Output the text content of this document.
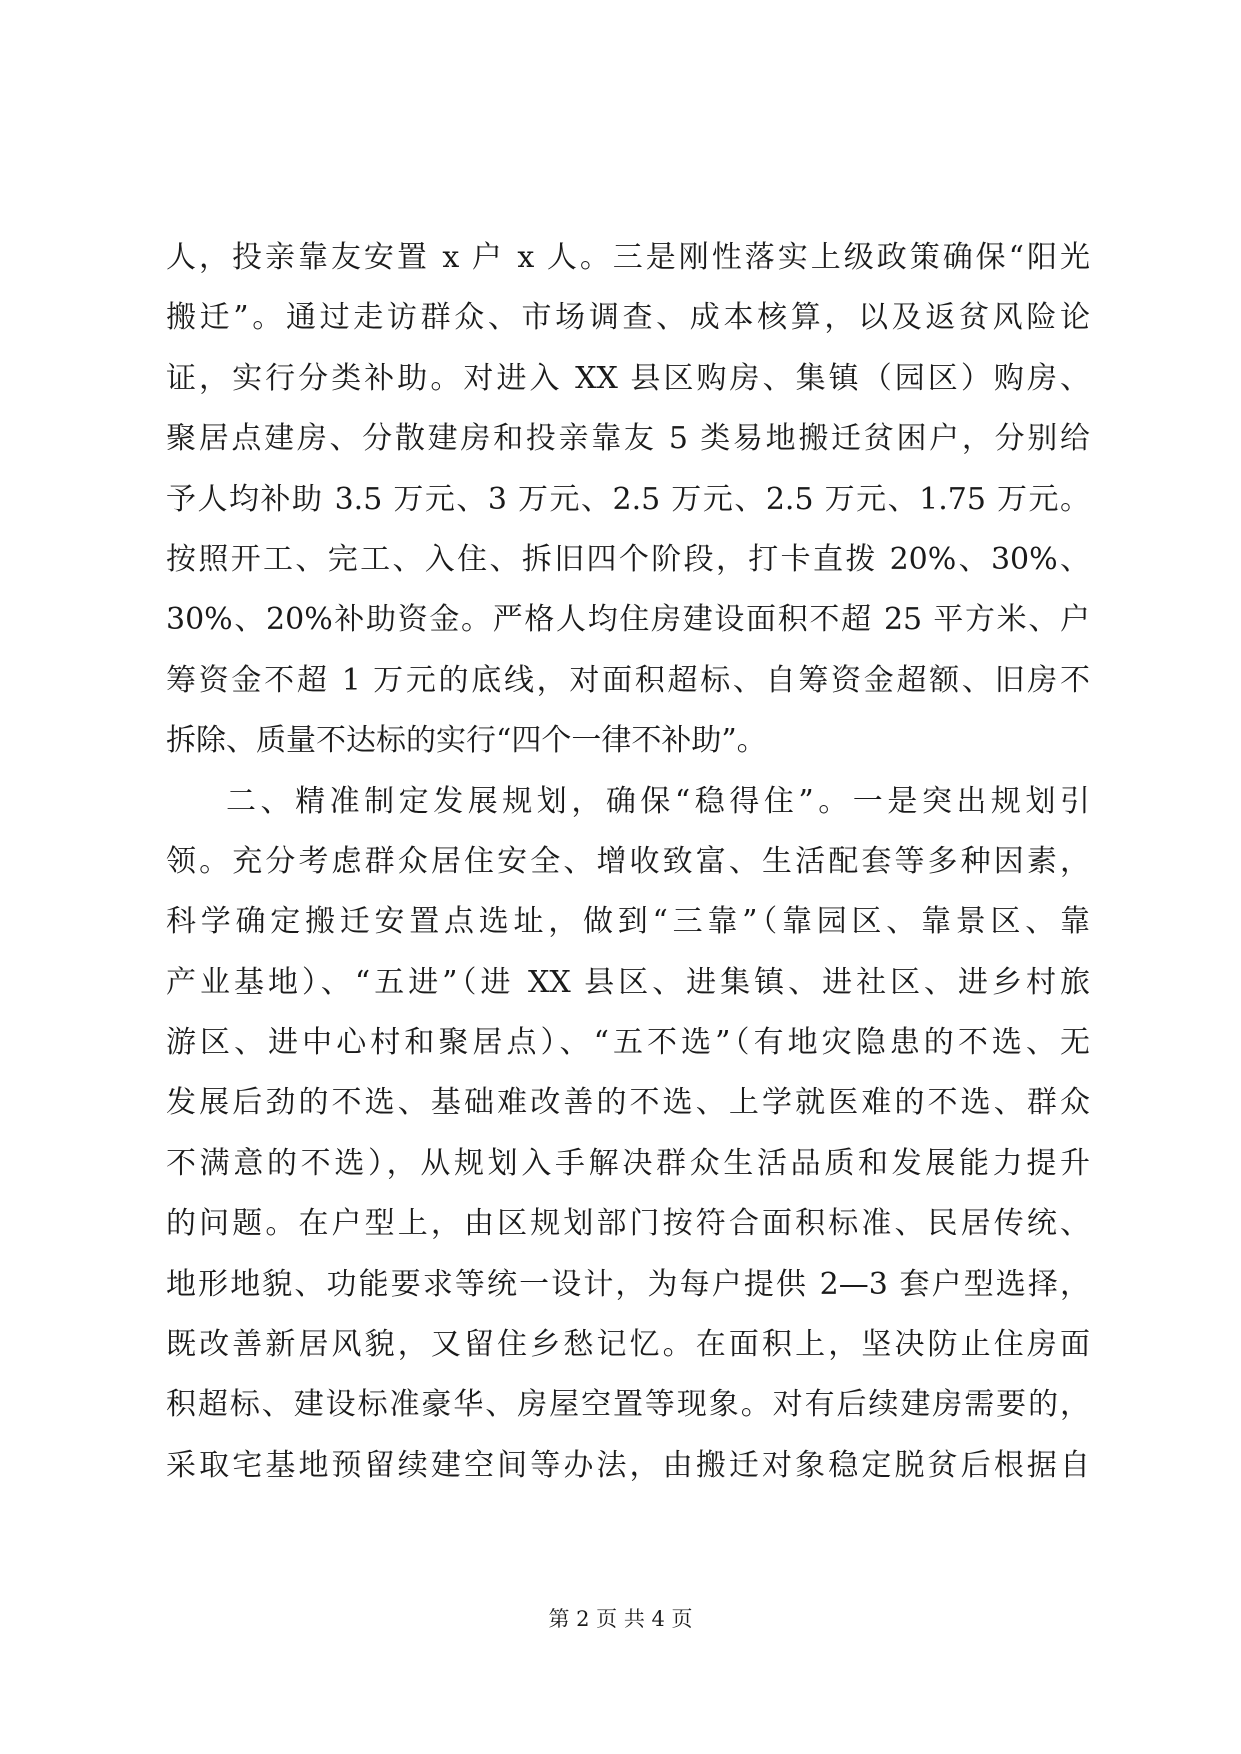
人，投亲靠友安置 x 户 x 人。三是刚性落实上级政策确保“阳光
搬迁”。通过走访群众、市场调查、成本核算，以及返贫风险论
证，实行分类补助。对进入 XX 县区购房、集镇（园区）购房、
聚居点建房、分散建房和投亲靠友 5 类易地搬迁贫困户，分别给
予人均补助 3.5 万元、3 万元、2.5 万元、2.5 万元、1.75 万元。
按照开工、完工、入住、拆旧四个阶段，打卡直拨 20%、30%、
30%、20%补助资金。严格人均住房建设面积不超 25 平方米、户
筹资金不超 1 万元的底线，对面积超标、自筹资金超额、旧房不
拆除、质量不达标的实行“四个一律不补助”。
二、精准制定发展规划，确保“稳得住”。一是突出规划引
领。充分考虑群众居住安全、增收致富、生活配套等多种因素，
科学确定搬迁安置点选址，做到“三靠”（靠园区、靠景区、靠
产业基地）、“五进”（进 XX 县区、进集镇、进社区、进乡村旅
游区、进中心村和聚居点）、“五不选”（有地灾隐患的不选、无
发展后劲的不选、基础难改善的不选、上学就医难的不选、群众
不满意的不选），从规划入手解决群众生活品质和发展能力提升
的问题。在户型上，由区规划部门按符合面积标准、民居传统、
地形地貌、功能要求等统一设计，为每户提供 2—3 套户型选择，
既改善新居风貌，又留住乡愁记忆。在面积上，坚决防止住房面
积超标、建设标准豪华、房屋空置等现象。对有后续建房需要的，
采取宅基地预留续建空间等办法，由搬迁对象稳定脱贫后根据自
第 2 页 共 4 页
